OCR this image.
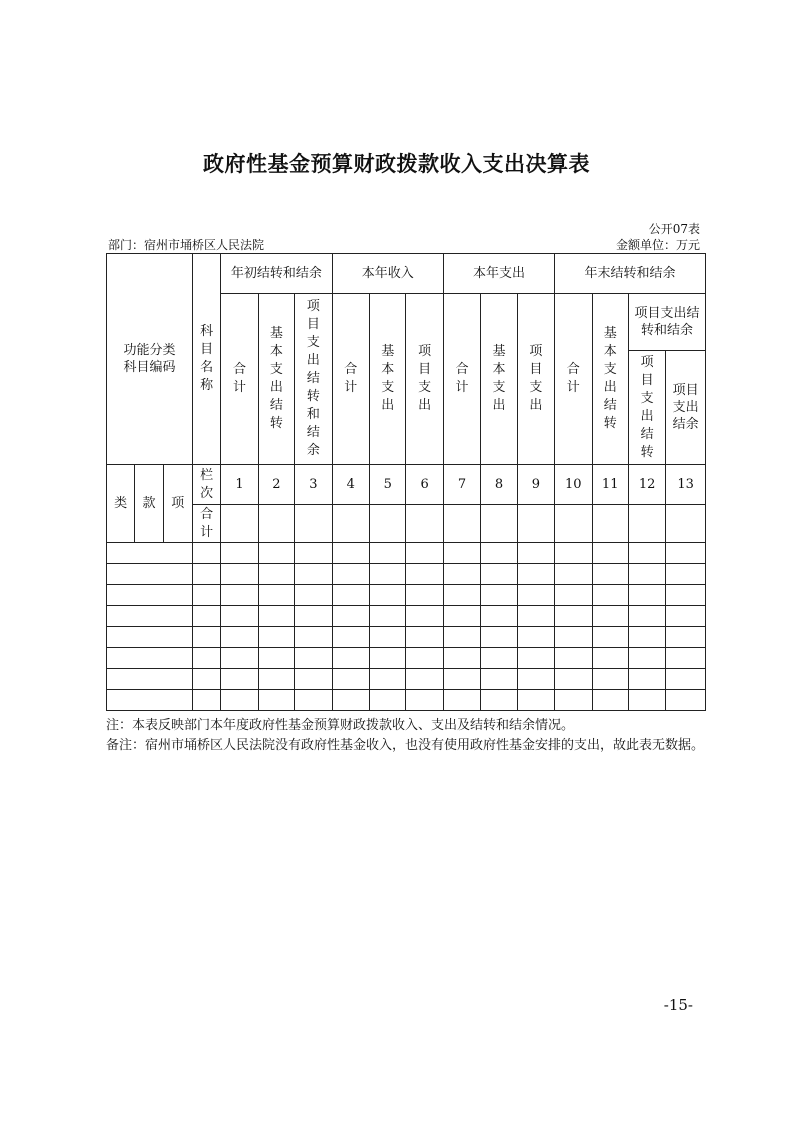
政府性基金预算财政拨款收入支出决算表
公开07表
部门：宿州市埇桥区人民法院	金额单位：万元
功能分类科目编码			科目名称	年初结转和结余			本年收入			本年支出			年末结转和结余			
				合计	基本支出结转	项目支出结转和结余	合计	基本支出	项目支出	合计	基本支出	项目支出	合计	基本支出结转	项目支出结转和结余	
															项目支出结转	项目支出结余
类	款	项	栏次	1	2	3	4	5	6	7	8	9	10	11	12	13
			合计													

注：本表反映部门本年度政府性基金预算财政拨款收入、支出及结转和结余情况。

备注：宿州市埇桥区人民法院没有政府性基金收入，也没有使用政府性基金安排的支出，故此表无数据。

-15-
